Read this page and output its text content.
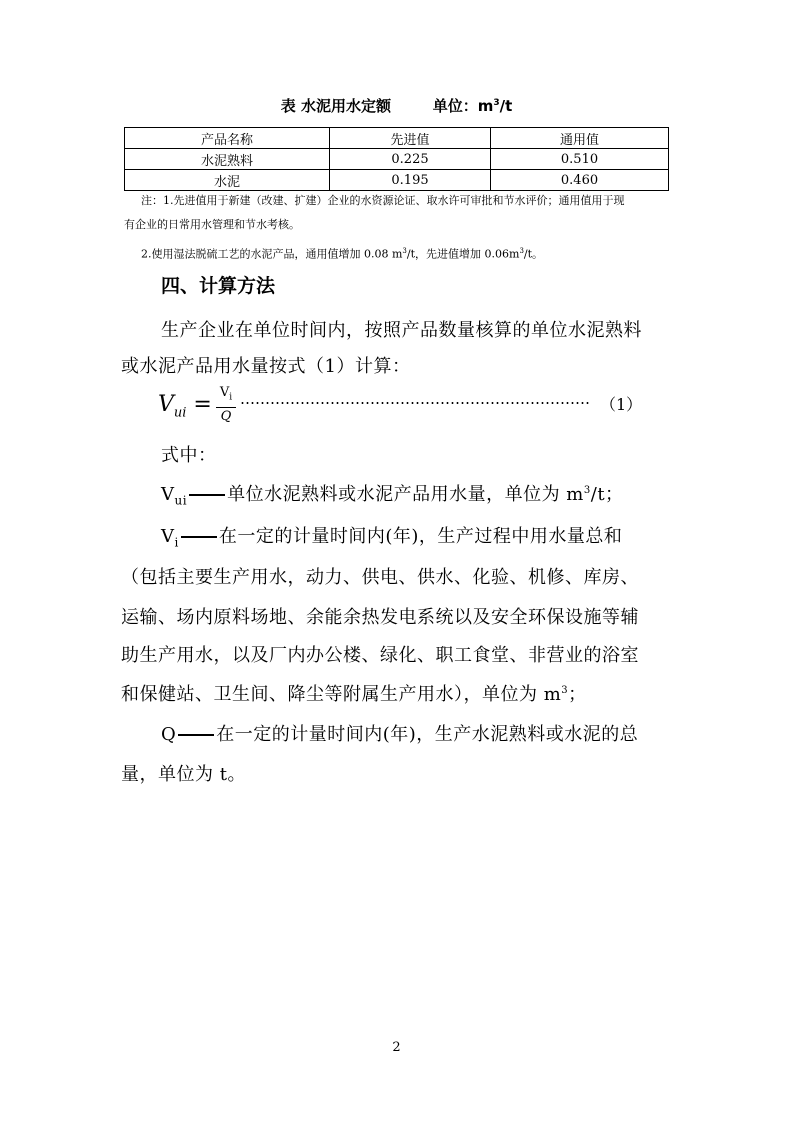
表 水泥用水定额	单位：$m^3/t$
产品名称	先进值	通用值
水泥熟料	0.225	0.510
水泥	0.195	0.460
注：1.先进值用于新建（改建、扩建）企业的水资源论证、取水许可审批和节水评价；通用值用于现
有企业的日常用水管理和节水考核。
2.使用湿法脱硫工艺的水泥产品，通用值增加 0.08 $m^3/t$，先进值增加 $0.06m^3/t$。
四、计算方法
生产企业在单位时间内，按照产品数量核算的单位水泥熟料
或水泥产品用水量按式（1）计算：
$V_{ui} = \frac{V_i}{Q}$	（1）
式中：
$V_{ui}$ 单位水泥熟料或水泥产品用水量，单位为 $m^3/t$；
$V_i$ 在一定的计量时间内(年)，生产过程中用水量总和
（包括主要生产用水，动力、供电、供水、化验、机修、库房、
运输、场内原料场地、余能余热发电系统以及安全环保设施等辅
助生产用水，以及厂内办公楼、绿化、职工食堂、非营业的浴室
和保健站、卫生间、降尘等附属生产用水），单位为 $m^3$；
Q 在一定的计量时间内(年)，生产水泥熟料或水泥的总
量，单位为 t。
2
